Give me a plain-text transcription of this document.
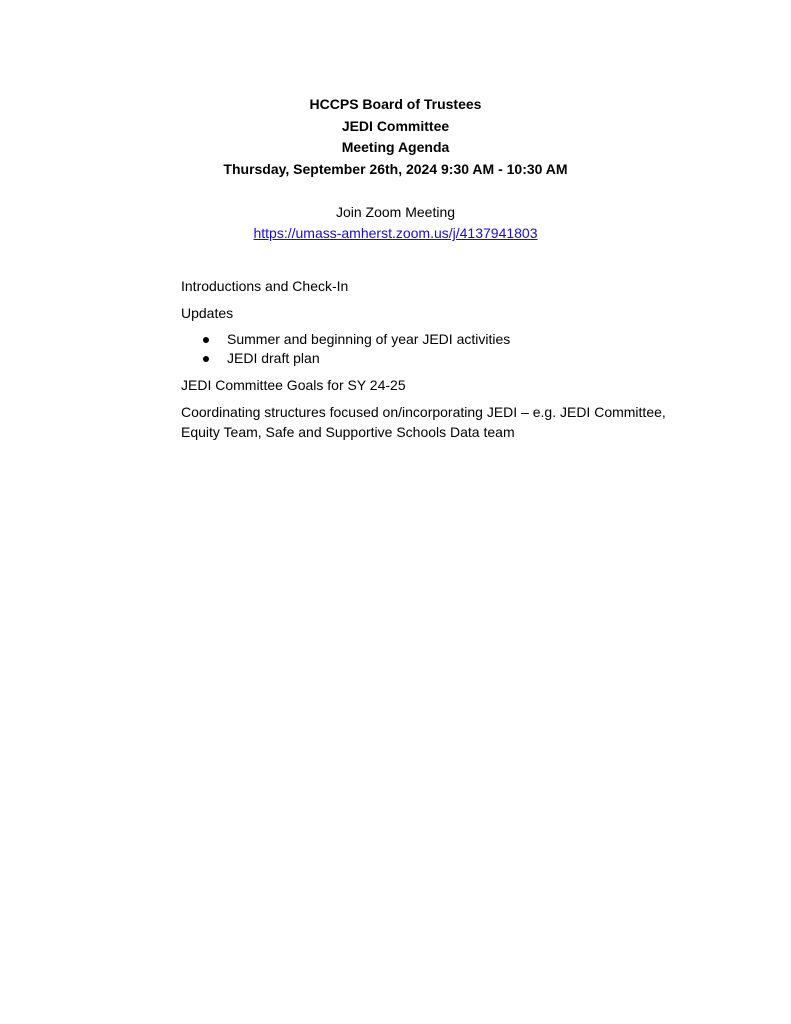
HCCPS Board of Trustees
JEDI Committee
Meeting Agenda
Thursday, September 26th, 2024 9:30 AM - 10:30 AM
Join Zoom Meeting
https://umass-amherst.zoom.us/j/4137941803

Introductions and Check-In

Updates

Summer and beginning of year JEDI activities
JEDI draft plan

JEDI Committee Goals for SY 24-25

Coordinating structures focused on/incorporating JEDI – e.g. JEDI Committee, Equity Team, Safe and Supportive Schools Data team
